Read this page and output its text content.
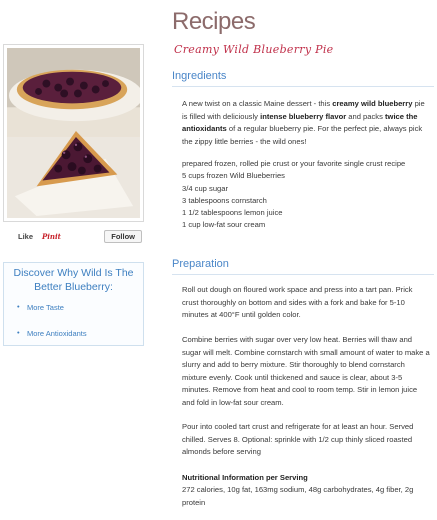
Like Pinit	Follow
Discover Why Wild Is The Better Blueberry:
• More Taste
• More Antioxidants
Recipes
Creamy Wild Blueberry Pie
Ingredients

A new twist on a classic Maine dessert - this creamy wild blueberry pie is filled with deliciously intense blueberry flavor and packs twice the antioxidants of a regular blueberry pie. For the perfect pie, always pick the zippy little berries - the wild ones!

prepared frozen, rolled pie crust or your favorite single crust recipe
5 cups frozen Wild Blueberries
3/4 cup sugar
3 tablespoons cornstarch
1 1/2 tablespoons lemon juice
1 cup low-fat sour cream
Preparation

Roll out dough on floured work space and press into a tart pan. Prick crust thoroughly on bottom and sides with a fork and bake for 5-10 minutes at 400°F until golden color.

Combine berries with sugar over very low heat. Berries will thaw and sugar will melt. Combine cornstarch with small amount of water to make a slurry and add to berry mixture. Stir thoroughly to blend cornstarch mixture evenly. Cook until thickened and sauce is clear, about 3-5 minutes. Remove from heat and cool to room temp. Stir in lemon juice and fold in low-fat sour cream.

Pour into cooled tart crust and refrigerate for at least an hour. Served chilled. Serves 8. Optional: sprinkle with 1/2 cup thinly sliced roasted almonds before serving

Nutritional Information per Serving

272 calories, 10g fat, 163mg sodium, 48g carbohydrates, 4g fiber, 2g protein
